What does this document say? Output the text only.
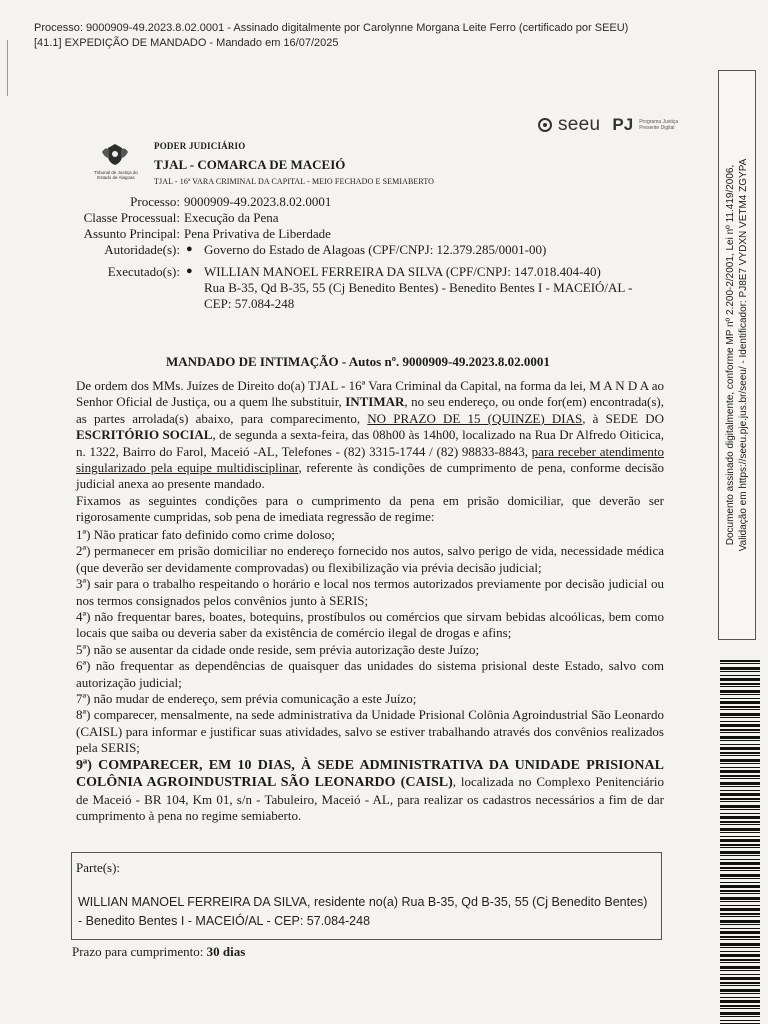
Processo: 9000909-49.2023.8.02.0001 - Assinado digitalmente por Carolynne Morgana Leite Ferro (certificado por SEEU)
[41.1] EXPEDIÇÃO DE MANDADO - Mandado em 16/07/2025
Documento assinado digitalmente, conforme MP nº 2.200-2/2001, Lei nº 11.419/2006, Validação em https://seeu.pje.jus.br/seeu/ - Identificador: PJ8E7 VYDXN VETM4 ZGYPA
seeu PJ Programa Justiça Presente Digital
Tribunal de Justiça do Estado de Alagoas
PODER JUDICIÁRIO
TJAL - COMARCA DE MACEIÓ
TJAL - 16ª VARA CRIMINAL DA CAPITAL - MEIO FECHADO E SEMIABERTO
Processo: 9000909-49.2023.8.02.0001
Classe Processual: Execução da Pena
Assunto Principal: Pena Privativa de Liberdade
Autoridade(s): ● Governo do Estado de Alagoas (CPF/CNPJ: 12.379.285/0001-00)
Executado(s): ● WILLIAN MANOEL FERREIRA DA SILVA (CPF/CNPJ: 147.018.404-40)
Rua B-35, Qd B-35, 55 (Cj Benedito Bentes) - Benedito Bentes I - MACEIÓ/AL -
CEP: 57.084-248
MANDADO DE INTIMAÇÃO - Autos nº. 9000909-49.2023.8.02.0001

De ordem dos MMs. Juízes de Direito do(a) TJAL - 16ª Vara Criminal da Capital, na forma da lei, M A N D A ao Senhor Oficial de Justiça, ou a quem lhe substituir, INTIMAR, no seu endereço, ou onde for(em) encontrada(s), as partes arrolada(s) abaixo, para comparecimento, NO PRAZO DE 15 (QUINZE) DIAS, à SEDE DO ESCRITÓRIO SOCIAL, de segunda a sexta-feira, das 08h00 às 14h00, localizado na Rua Dr Alfredo Oiticica, n. 1322, Bairro do Farol, Maceió -AL, Telefones - (82) 3315-1744 / (82) 98833-8843, para receber atendimento singularizado pela equipe multidisciplinar, referente às condições de cumprimento de pena, conforme decisão judicial anexa ao presente mandado.

Fixamos as seguintes condições para o cumprimento da pena em prisão domiciliar, que deverão ser rigorosamente cumpridas, sob pena de imediata regressão de regime:

1ª) Não praticar fato definido como crime doloso;

2ª) permanecer em prisão domiciliar no endereço fornecido nos autos, salvo perigo de vida, necessidade médica (que deverão ser devidamente comprovadas) ou flexibilização via prévia decisão judicial;

3ª) sair para o trabalho respeitando o horário e local nos termos autorizados previamente por decisão judicial ou nos termos consignados pelos convênios junto à SERIS;

4ª) não frequentar bares, boates, botequins, prostíbulos ou comércios que sirvam bebidas alcoólicas, bem como locais que saiba ou deveria saber da existência de comércio ilegal de drogas e afins;

5ª) não se ausentar da cidade onde reside, sem prévia autorização deste Juízo;

6ª) não frequentar as dependências de quaisquer das unidades do sistema prisional deste Estado, salvo com autorização judicial;

7ª) não mudar de endereço, sem prévia comunicação a este Juízo;

8ª) comparecer, mensalmente, na sede administrativa da Unidade Prisional Colônia Agroindustrial São Leonardo (CAISL) para informar e justificar suas atividades, salvo se estiver trabalhando através dos convênios realizados pela SERIS;

9ª) COMPARECER, EM 10 DIAS, À SEDE ADMINISTRATIVA DA UNIDADE PRISIONAL COLÔNIA AGROINDUSTRIAL SÃO LEONARDO (CAISL), localizada no Complexo Penitenciário de Maceió - BR 104, Km 01, s/n - Tabuleiro, Maceió - AL, para realizar os cadastros necessários a fim de dar cumprimento à pena no regime semiaberto.

Parte(s):
WILLIAN MANOEL FERREIRA DA SILVA, residente no(a) Rua B-35, Qd B-35, 55 (Cj Benedito Bentes) - Benedito Bentes I - MACEIÓ/AL - CEP: 57.084-248
Prazo para cumprimento: 30 dias
